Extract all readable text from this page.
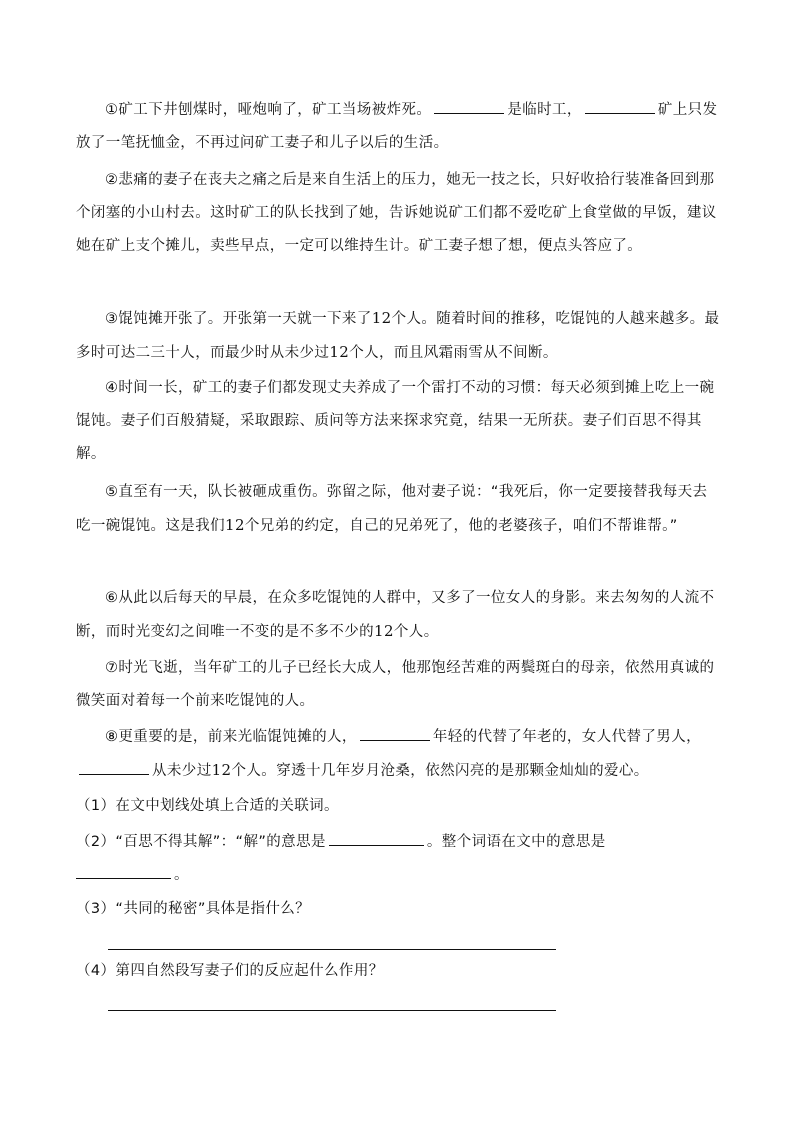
①矿工下井刨煤时，哑炮响了，矿工当场被炸死。	是临时工，	矿上只发放了一笔抚恤金，不再过问矿工妻子和儿子以后的生活。

②悲痛的妻子在丧夫之痛之后是来自生活上的压力，她无一技之长，只好收拾行装准备回到那个闭塞的小山村去。这时矿工的队长找到了她，告诉她说矿工们都不爱吃矿上食堂做的早饭，建议她在矿上支个摊儿，卖些早点，一定可以维持生计。矿工妻子想了想，便点头答应了。

③馄饨摊开张了。开张第一天就一下来了12个人。随着时间的推移，吃馄饨的人越来越多。最多时可达二三十人，而最少时从未少过12个人，而且风霜雨雪从不间断。

④时间一长，矿工的妻子们都发现丈夫养成了一个雷打不动的习惯：每天必须到摊上吃上一碗馄饨。妻子们百般猜疑，采取跟踪、质问等方法来探求究竟，结果一无所获。妻子们百思不得其解。

⑤直至有一天，队长被砸成重伤。弥留之际，他对妻子说：“我死后，你一定要接替我每天去吃一碗馄饨。这是我们12个兄弟的约定，自己的兄弟死了，他的老婆孩子，咱们不帮谁帮。”

⑥从此以后每天的早晨，在众多吃馄饨的人群中，又多了一位女人的身影。来去匆匆的人流不断，而时光变幻之间唯一不变的是不多不少的12个人。

⑦时光飞逝，当年矿工的儿子已经长大成人，他那饱经苦难的两鬓斑白的母亲，依然用真诚的微笑面对着每一个前来吃馄饨的人。

⑧更重要的是，前来光临馄饨摊的人，	年轻的代替了年老的，女人代替了男人，从未少过12个人。穿透十几年岁月沧桑，依然闪亮的是那颗金灿灿的爱心。

（1）在文中划线处填上合适的关联词。

（2）“百思不得其解”：“解”的意思是	。整个词语在文中的意思是
。

（3）“共同的秘密”具体是指什么？

（4）第四自然段写妻子们的反应起什么作用？
